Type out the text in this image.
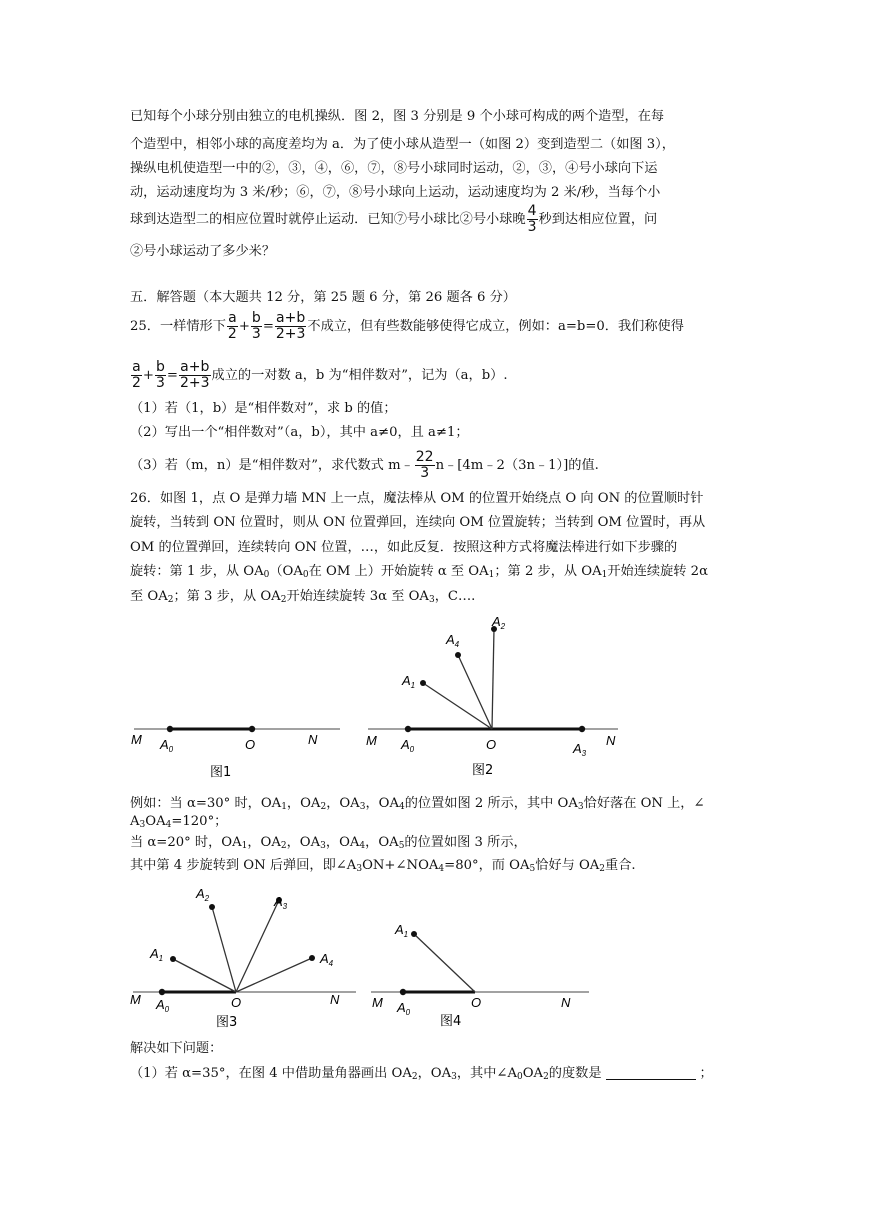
已知每个小球分别由独立的电机操纵．图 2，图 3 分别是 9 个小球可构成的两个造型，在每
个造型中，相邻小球的高度差均为 a．为了使小球从造型一（如图 2）变到造型二（如图 3），
操纵电机使造型一中的②，③，④，⑥，⑦，⑧号小球同时运动，②，③，④号小球向下运
动，运动速度均为 3 米/秒；⑥，⑦，⑧号小球向上运动，运动速度均为 2 米/秒，当每个小
球到达造型二的相应位置时就停止运动．已知⑦号小球比②号小球晚 $\frac{4}{3}$ 秒到达相应位置，问
②号小球运动了多少米？
五．解答题（本大题共 12 分，第 25 题 6 分，第 26 题各 6 分）
25．一样情形下 $\frac{a}{2} + \frac{b}{3} = \frac{a+b}{2+3}$ 不成立，但有些数能够使得它成立，例如：a=b=0．我们称使得
$\frac{a}{2} + \frac{b}{3} = \frac{a+b}{2+3}$ 成立的一对数 a，b 为“相伴数对”，记为（a，b）.
（1）若（1，b）是“相伴数对”，求 b 的值；
（2）写出一个“相伴数对”（a，b），其中 a≠0，且 a≠1；
（3）若（m，n）是“相伴数对”，求代数式 m﹣ $\frac{22}{3}$ n﹣[4m﹣2（3n﹣1）]的值.
26．如图 1，点 O 是弹力墙 MN 上一点，魔法棒从 OM 的位置开始绕点 O 向 ON 的位置顺时针
旋转，当转到 ON 位置时，则从 ON 位置弹回，连续向 OM 位置旋转；当转到 OM 位置时，再从
OM 的位置弹回，连续转向 ON 位置，…，如此反复．按照这种方式将魔法棒进行如下步骤的
旋转：第 1 步，从 $OA_0(OA_0$在 OM 上）开始旋转 α 至 $OA_1$；第 2 步，从 $OA_1$开始连续旋转 2α
至 $OA_2$；第 3 步，从 $OA_2$开始连续旋转 3α 至 $OA_3$，C….
M $A_0$	O	N
图1
M $A_0$	O	$A_3$
N
$A_1$
$A_4$
$A_2$
图2
例如：当 α=30° 时，$OA_1$，$OA_2$，$OA_3$，$OA_4$的位置如图 2 所示，其中 $OA_3$恰好落在 ON 上，∠
$A_3OA_4=120^\circ$；
当 α=20° 时，$OA_1$，$OA_2$，$OA_3$，$OA_4$，$OA_5$的位置如图 3 所示，
其中第 4 步旋转到 ON 后弹回，即$\angle A_3ON+\angle NOA_4=80^\circ$，而 $OA_5$恰好与 $OA_2$重合.
M $A_0$	O	N
$A_1$
$A_2$	$A_3$
$A_4$
图3
M $A_0$
O	N
$A_1$
图4
解决如下问题：
（1）若 α=35°，在图 4 中借助量角器画出 $OA_2$，$OA_3$，其中$\angle A_0OA_2$的度数是	；
